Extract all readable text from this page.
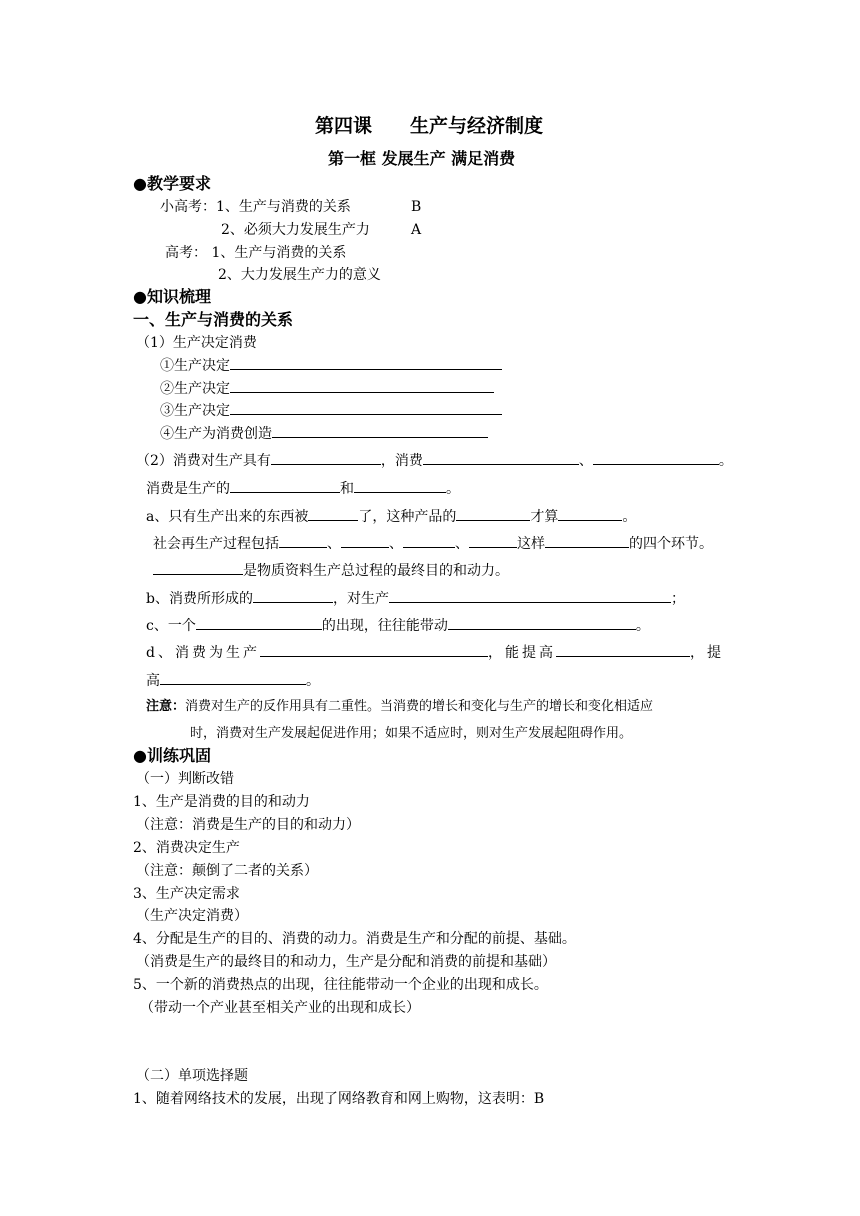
第四课　　生产与经济制度
第一框 发展生产 满足消费
●教学要求
小高考：1、生产与消费的关系	B
2、必须大力发展生产力	A
高考： 1、生产与消费的关系
2、大力发展生产力的意义
●知识梳理
一、生产与消费的关系
（1）生产决定消费
①生产决定
②生产决定
③生产决定
④生产为消费创造
（2）消费对生产具有	，消费	、	。
消费是生产的	和	。
a、只有生产出来的东西被	了，这种产品的	才算	。
社会再生产过程包括	、	、	、	这样	的四个环节。
是物质资料生产总过程的最终目的和动力。
b、消费所形成的	，对生产	；
c、一个	的出现，往往能带动	。
d、消费为生产	，能提高	，提
高	。
注意：消费对生产的反作用具有二重性。当消费的增长和变化与生产的增长和变化相适应
时，消费对生产发展起促进作用；如果不适应时，则对生产发展起阻碍作用。
●训练巩固
（一）判断改错
1、生产是消费的目的和动力
（注意：消费是生产的目的和动力）
2、消费决定生产
（注意：颠倒了二者的关系）
3、生产决定需求
（生产决定消费）
4、分配是生产的目的、消费的动力。消费是生产和分配的前提、基础。
（消费是生产的最终目的和动力，生产是分配和消费的前提和基础）
5、一个新的消费热点的出现，往往能带动一个企业的出现和成长。
（带动一个产业甚至相关产业的出现和成长）
（二）单项选择题
1、随着网络技术的发展，出现了网络教育和网上购物，这表明：B
